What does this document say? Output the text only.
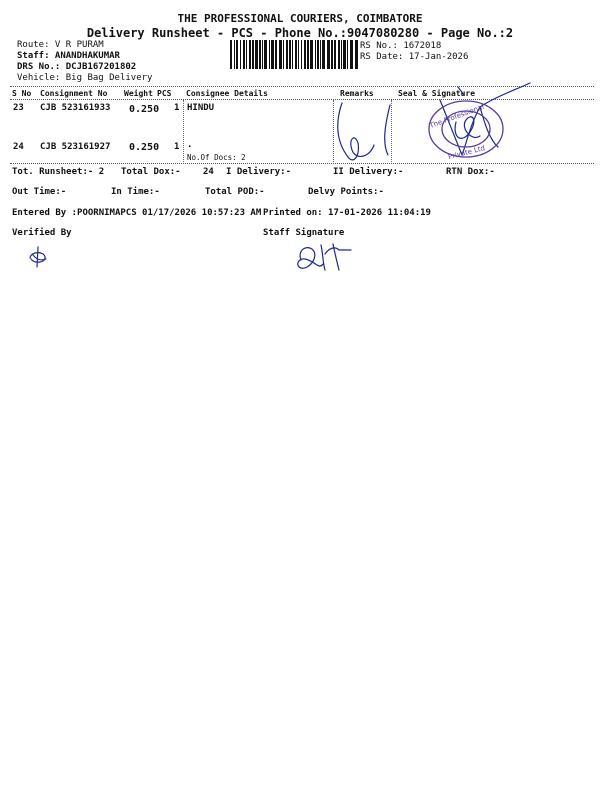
THE PROFESSIONAL COURIERS, COIMBATORE
Delivery Runsheet - PCS - Phone No.:9047080280 - Page No.:2
Route: V R PURAM
Staff: ANANDHAKUMAR
DRS No.: DCJB167201802
Vehicle: Big Bag Delivery
RS No.: 1672018
RS Date: 17-Jan-2026
S No Consignment No Weight PCS Consignee Details	Remarks	Seal & Signature
23 CJB 523161933 0.250 1 HINDU
24 CJB 523161927 0.250 1 .
No.Of Docs: 2
Tot. Runsheet:- 2 Total Dox:- 24 I Delivery:-	II Delivery:-	RTN Dox:-
Out Time:-	In Time:-	Total POD:-	Delvy Points:-
Entered By :POORNIMAPCS 01/17/2026 10:57:23 AM Printed on: 17-01-2026 11:04:19
Verified By	Staff Signature
The Professional
Private Ltd
